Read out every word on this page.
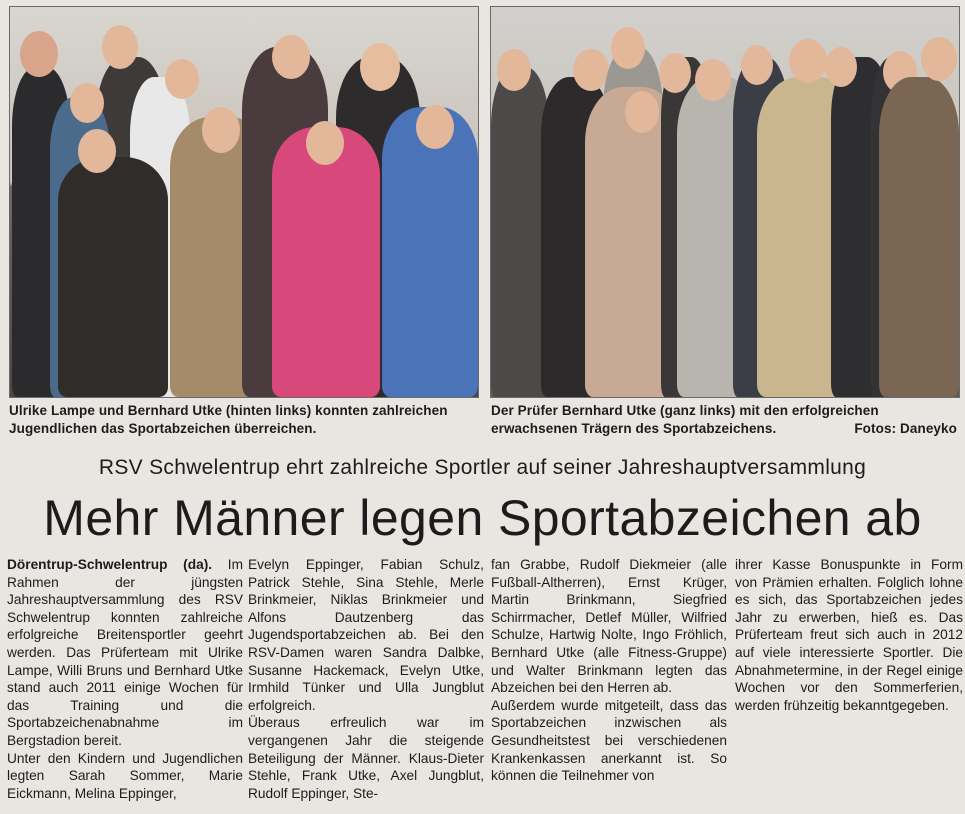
Ulrike Lampe und Bernhard Utke (hinten links) konnten zahlreichen Jugendlichen das Sportabzeichen überreichen.
Der Prüfer Bernhard Utke (ganz links) mit den erfolgreichen erwachsenen Trägern des Sportabzeichens.	Fotos: Daneyko
RSV Schwelentrup ehrt zahlreiche Sportler auf seiner Jahreshauptversammlung
Mehr Männer legen Sportabzeichen ab

Dörentrup-Schwelentrup (da). Im Rahmen der jüngsten Jahreshauptversammlung des RSV Schwelentrup konnten zahlreiche erfolgreiche Breitensportler geehrt werden. Das Prüferteam mit Ulrike Lampe, Willi Bruns und Bernhard Utke stand auch 2011 einige Wochen für das Training und die Sportabzeichenabnahme im Bergstadion bereit.

Unter den Kindern und Jugendlichen legten Sarah Sommer, Marie Eickmann, Melina Eppinger,

Evelyn Eppinger, Fabian Schulz, Patrick Stehle, Sina Stehle, Merle Brinkmeier, Niklas Brinkmeier und Alfons Dautzenberg das Jugendsportabzeichen ab. Bei den RSV-Damen waren Sandra Dalbke, Susanne Hackemack, Evelyn Utke, Irmhild Tünker und Ulla Jungblut erfolgreich.

Überaus erfreulich war im vergangenen Jahr die steigende Beteiligung der Männer. Klaus-Dieter Stehle, Frank Utke, Axel Jungblut, Rudolf Eppinger, Ste-

fan Grabbe, Rudolf Diekmeier (alle Fußball-Altherren), Ernst Krüger, Martin Brinkmann, Siegfried Schirrmacher, Detlef Müller, Wilfried Schulze, Hartwig Nolte, Ingo Fröhlich, Bernhard Utke (alle Fitness-Gruppe) und Walter Brinkmann legten das Abzeichen bei den Herren ab.

Außerdem wurde mitgeteilt, dass das Sportabzeichen inzwischen als Gesundheitstest bei verschiedenen Krankenkassen anerkannt ist. So können die Teilnehmer von

ihrer Kasse Bonuspunkte in Form von Prämien erhalten. Folglich lohne es sich, das Sportabzeichen jedes Jahr zu erwerben, hieß es. Das Prüferteam freut sich auch in 2012 auf viele interessierte Sportler. Die Abnahmetermine, in der Regel einige Wochen vor den Sommerferien, werden frühzeitig bekanntgegeben.
